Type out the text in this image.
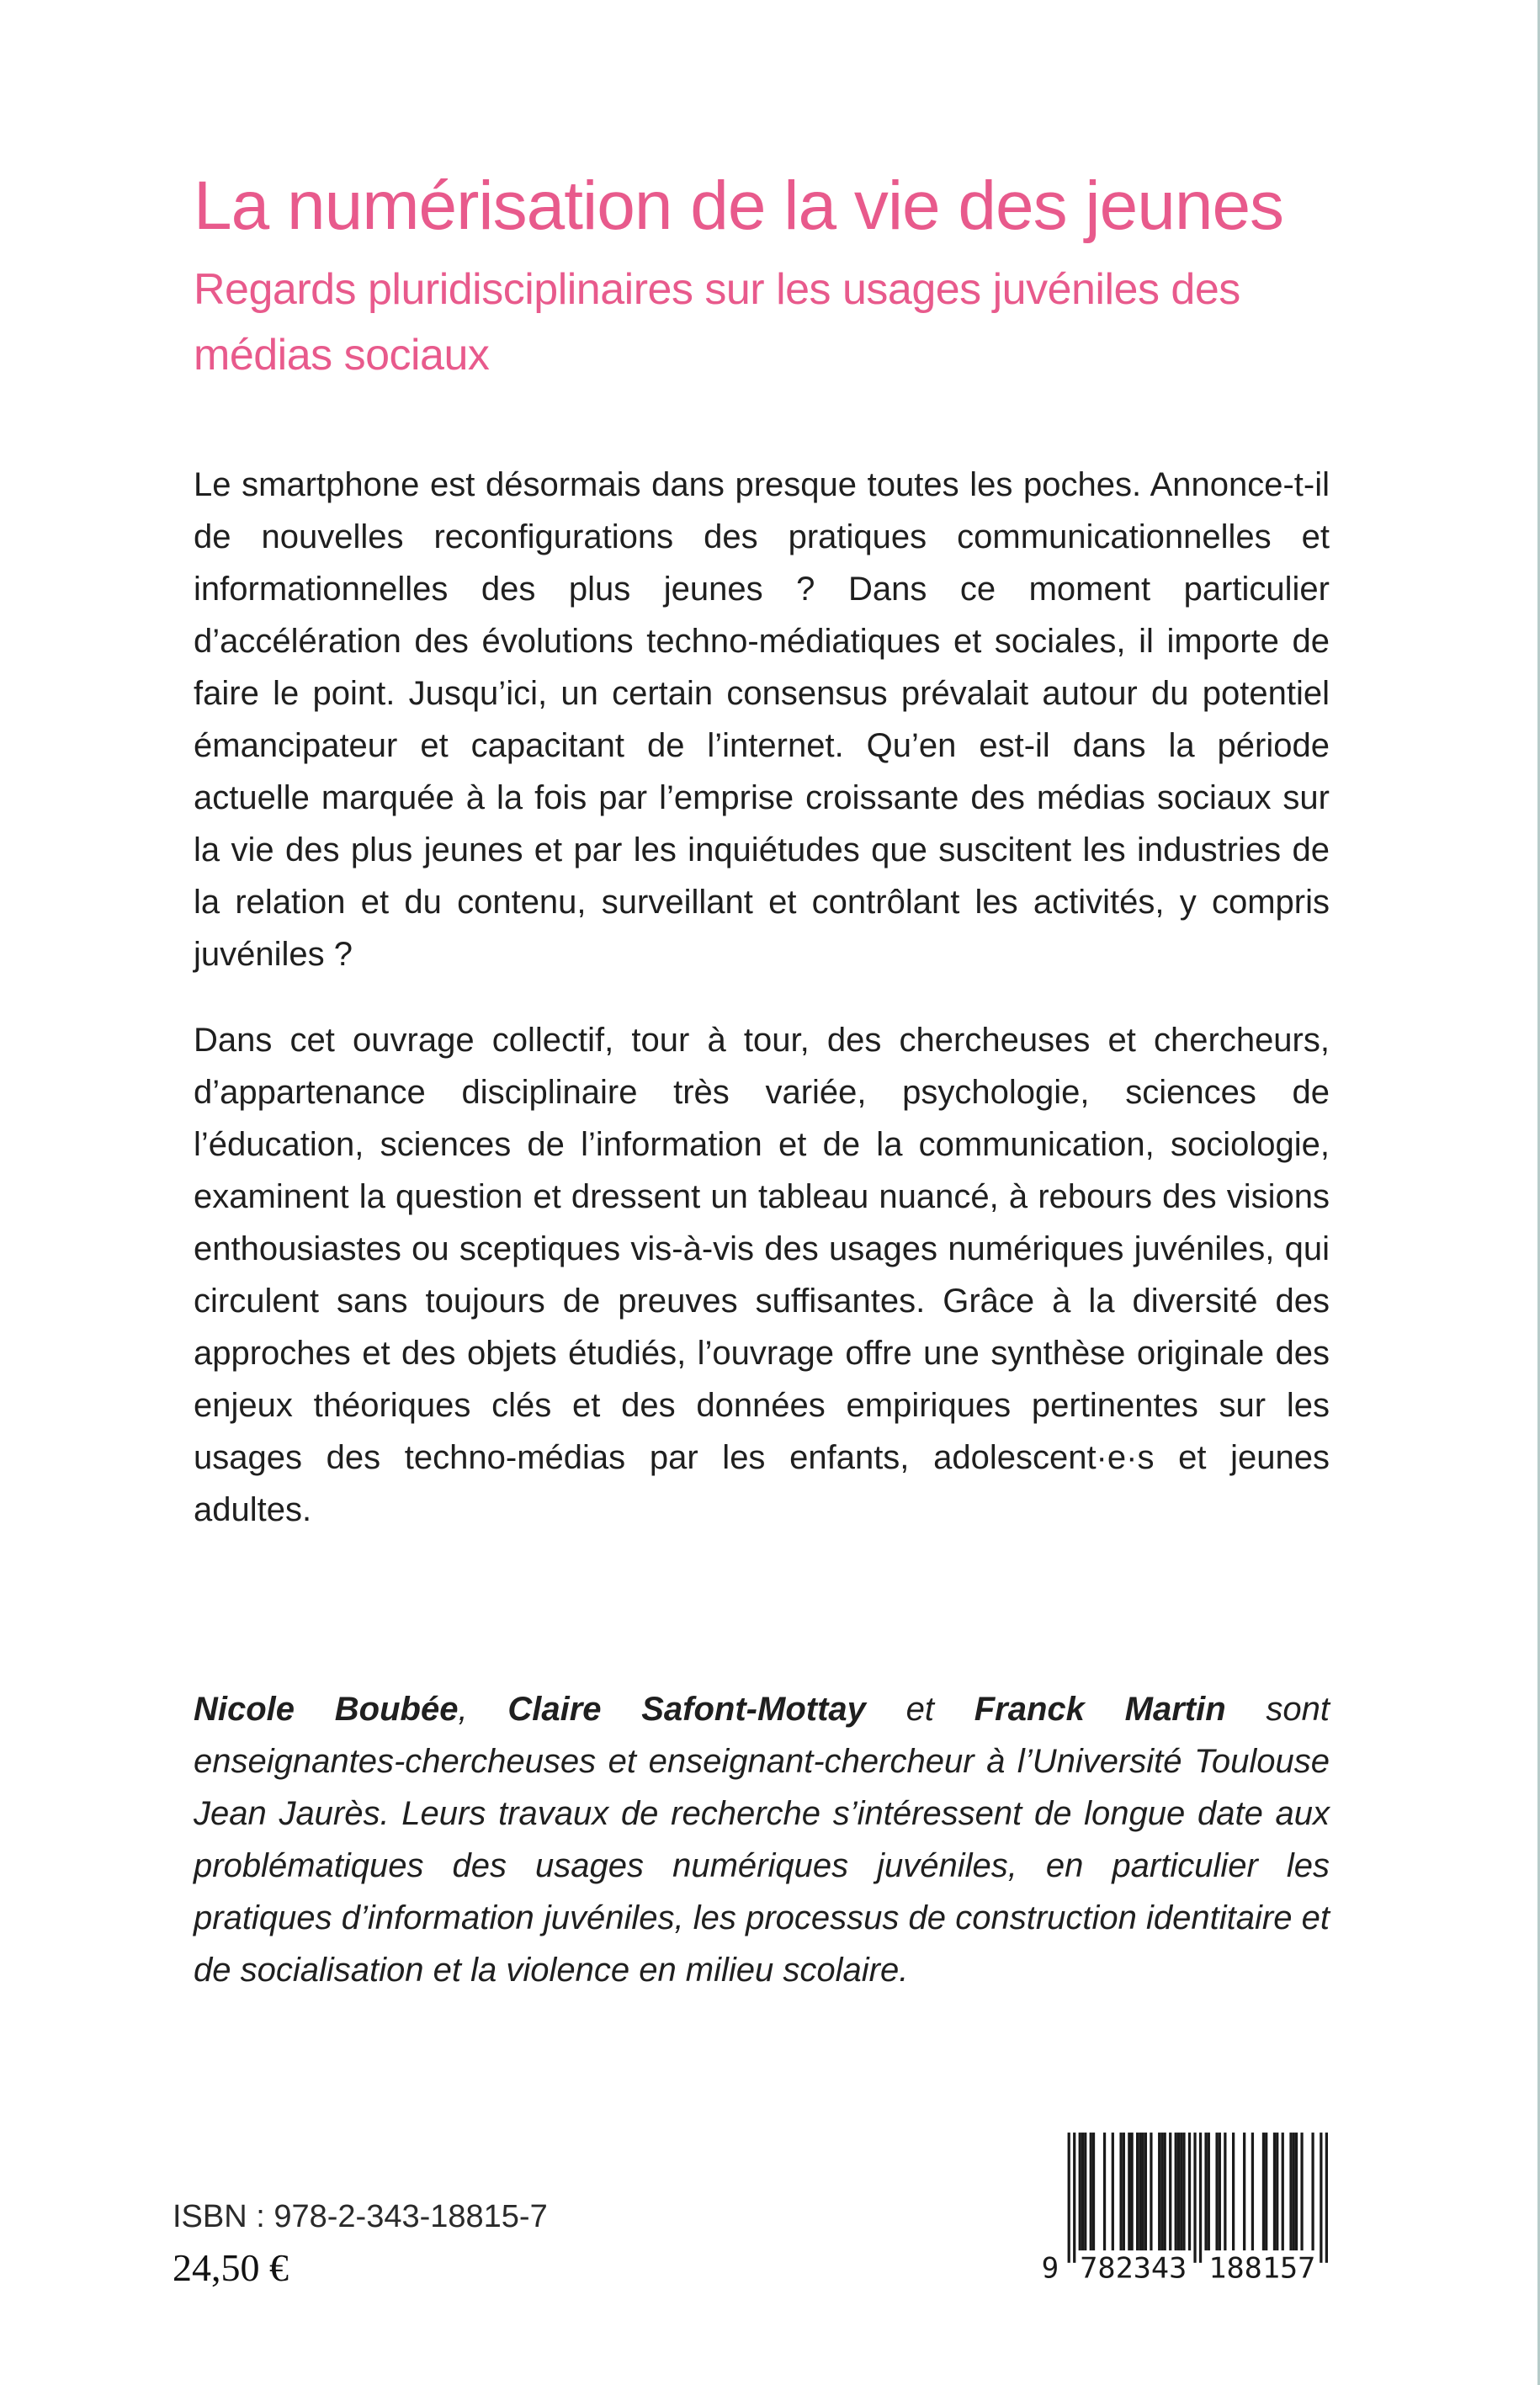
La numérisation de la vie des jeunes
Regards pluridisciplinaires sur les usages juvéniles des médias sociaux

Le smartphone est désormais dans presque toutes les poches. Annonce-t-il de nouvelles reconfigurations des pratiques communicationnelles et informationnelles des plus jeunes ? Dans ce moment particulier d’accélération des évolutions techno-médiatiques et sociales, il importe de faire le point. Jusqu’ici, un certain consensus prévalait autour du potentiel émancipateur et capacitant de l’internet. Qu’en est-il dans la période actuelle marquée à la fois par l’emprise croissante des médias sociaux sur la vie des plus jeunes et par les inquiétudes que suscitent les industries de la relation et du contenu, surveillant et contrôlant les activités, y compris juvéniles ?

Dans cet ouvrage collectif, tour à tour, des chercheuses et chercheurs, d’appartenance disciplinaire très variée, psychologie, sciences de l’éducation, sciences de l’information et de la communication, sociologie, examinent la question et dressent un tableau nuancé, à rebours des visions enthousiastes ou sceptiques vis-à-vis des usages numériques juvéniles, qui circulent sans toujours de preuves suffisantes. Grâce à la diversité des approches et des objets étudiés, l’ouvrage offre une synthèse originale des enjeux théoriques clés et des données empiriques pertinentes sur les usages des techno-médias par les enfants, adolescent·e·s et jeunes adultes.

Nicole Boubée, Claire Safont-Mottay et Franck Martin sont enseignantes-chercheuses et enseignant-chercheur à l’Université Toulouse Jean Jaurès. Leurs travaux de recherche s’intéressent de longue date aux problématiques des usages numériques juvéniles, en particulier les pratiques d’information juvéniles, les processus de construction identitaire et de socialisation et la violence en milieu scolaire.

ISBN : 978-2-343-18815-7
24,50 €	9 782343 188157
